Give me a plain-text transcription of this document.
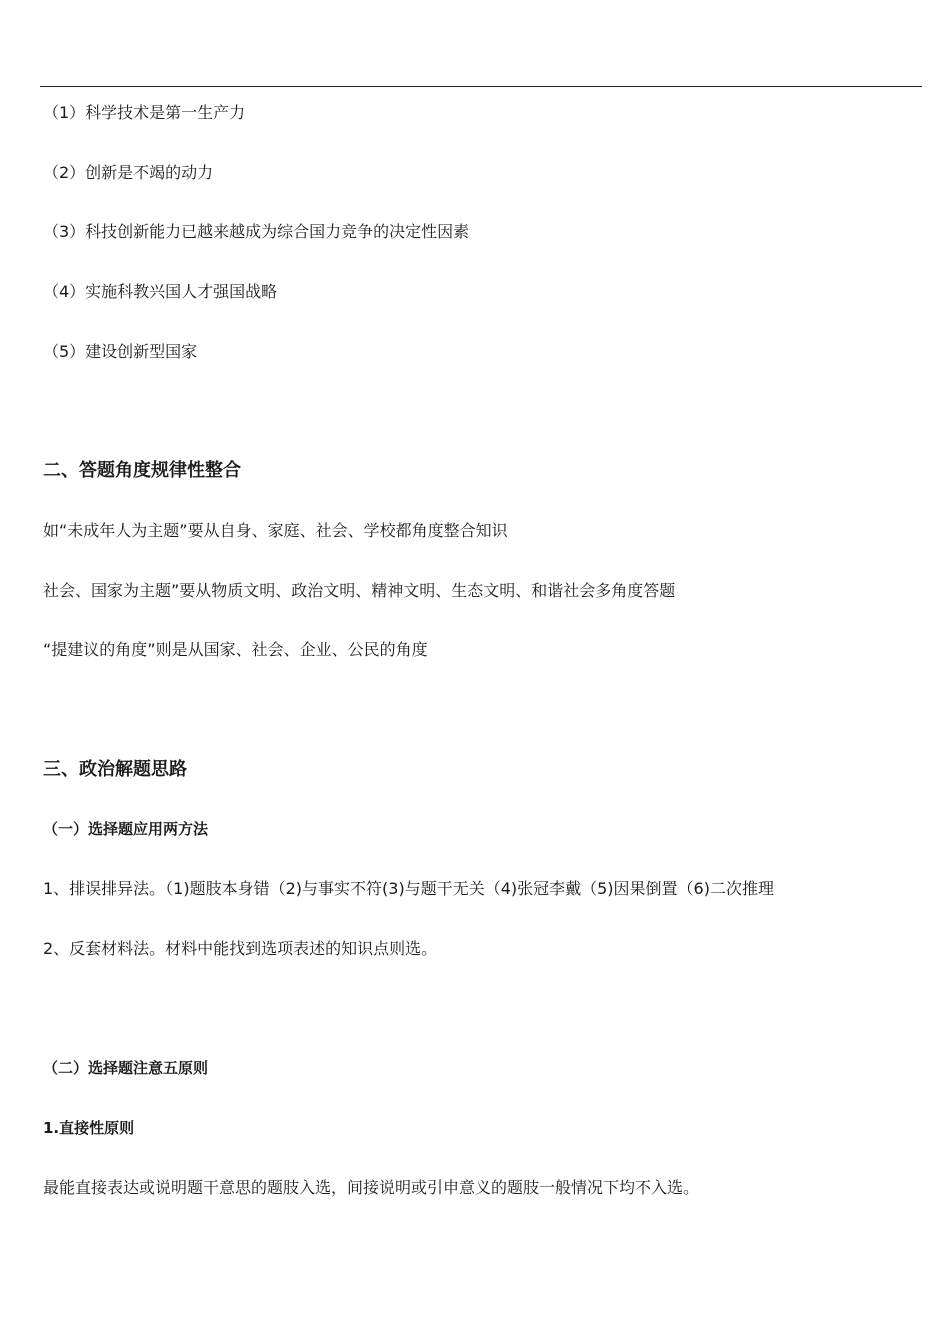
（1）科学技术是第一生产力
（2）创新是不竭的动力
（3）科技创新能力已越来越成为综合国力竞争的决定性因素
（4）实施科教兴国人才强国战略
（5）建设创新型国家
二、答题角度规律性整合
如“未成年人为主题”要从自身、家庭、社会、学校都角度整合知识
社会、国家为主题”要从物质文明、政治文明、精神文明、生态文明、和谐社会多角度答题
“提建议的角度”则是从国家、社会、企业、公民的角度
三、政治解题思路
（一）选择题应用两方法
1、排误排异法。（1)题肢本身错（2)与事实不符(3)与题干无关（4)张冠李戴（5)因果倒置（6)二次推理
2、反套材料法。材料中能找到选项表述的知识点则选。
（二）选择题注意五原则
1.直接性原则
最能直接表达或说明题干意思的题肢入选，间接说明或引申意义的题肢一般情况下均不入选。
